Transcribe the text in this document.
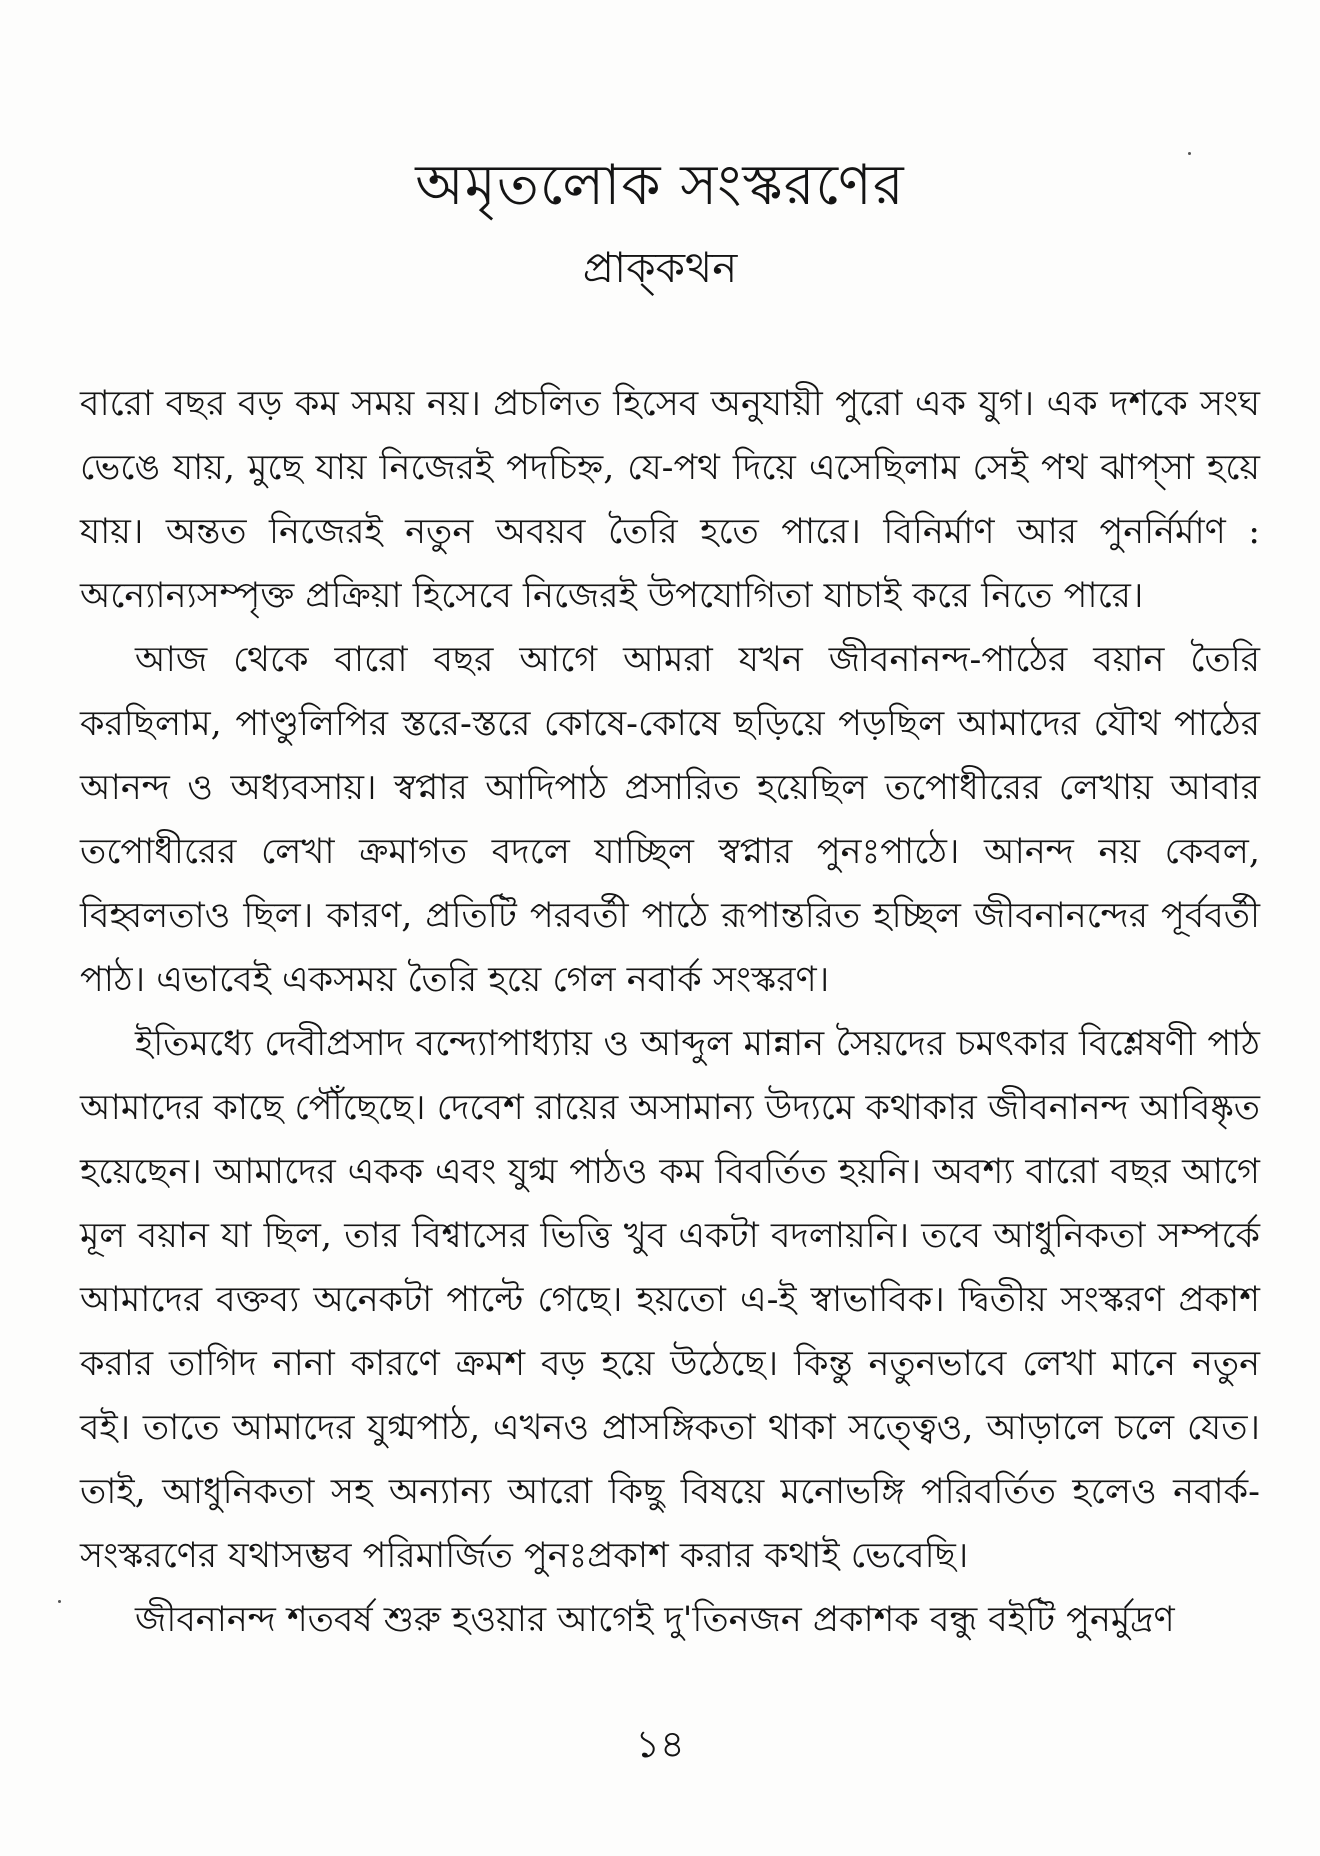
অমৃতলোক সংস্করণের
প্রাক্‌কথন

বারো বছর বড় কম সময় নয়। প্রচলিত হিসেব অনুযায়ী পুরো এক যুগ। এক দশকে সংঘ ভেঙে যায়, মুছে যায় নিজেরই পদচিহ্ন, যে-পথ দিয়ে এসেছিলাম সেই পথ ঝাপ্‌সা হয়ে যায়। অন্তত নিজেরই নতুন অবয়ব তৈরি হতে পারে। বিনির্মাণ আর পুনর্নির্মাণ : অন্যোন্যসম্পৃক্ত প্রক্রিয়া হিসেবে নিজেরই উপযোগিতা যাচাই করে নিতে পারে।

আজ থেকে বারো বছর আগে আমরা যখন জীবনানন্দ-পাঠের বয়ান তৈরি করছিলাম, পাণ্ডুলিপির স্তরে-স্তরে কোষে-কোষে ছড়িয়ে পড়ছিল আমাদের যৌথ পাঠের আনন্দ ও অধ্যবসায়। স্বপ্নার আদিপাঠ প্রসারিত হয়েছিল তপোধীরের লেখায় আবার তপোধীরের লেখা ক্রমাগত বদলে যাচ্ছিল স্বপ্নার পুনঃপাঠে। আনন্দ নয় কেবল, বিহ্বলতাও ছিল। কারণ, প্রতিটি পরবর্তী পাঠে রূপান্তরিত হচ্ছিল জীবনানন্দের পূর্ববর্তী পাঠ। এভাবেই একসময় তৈরি হয়ে গেল নবার্ক সংস্করণ।

ইতিমধ্যে দেবীপ্রসাদ বন্দ্যোপাধ্যায় ও আব্দুল মান্নান সৈয়দের চমৎকার বিশ্লেষণী পাঠ আমাদের কাছে পৌঁছেছে। দেবেশ রায়ের অসামান্য উদ্যমে কথাকার জীবনানন্দ আবিষ্কৃত হয়েছেন। আমাদের একক এবং যুগ্ম পাঠও কম বিবর্তিত হয়নি। অবশ্য বারো বছর আগে মূল বয়ান যা ছিল, তার বিশ্বাসের ভিত্তি খুব একটা বদলায়নি। তবে আধুনিকতা সম্পর্কে আমাদের বক্তব্য অনেকটা পাল্টে গেছে। হয়তো এ-ই স্বাভাবিক। দ্বিতীয় সংস্করণ প্রকাশ করার তাগিদ নানা কারণে ক্রমশ বড় হয়ে উঠেছে। কিন্তু নতুনভাবে লেখা মানে নতুন বই। তাতে আমাদের যুগ্মপাঠ, এখনও প্রাসঙ্গিকতা থাকা সত্ত্বেও, আড়ালে চলে যেত। তাই, আধুনিকতা সহ অন্যান্য আরো কিছু বিষয়ে মনোভঙ্গি পরিবর্তিত হলেও নবার্ক-সংস্করণের যথাসম্ভব পরিমার্জিত পুনঃপ্রকাশ করার কথাই ভেবেছি।

জীবনানন্দ শতবর্ষ শুরু হওয়ার আগেই দু'তিনজন প্রকাশক বন্ধু বইটি পুনর্মুদ্রণ

১৪
